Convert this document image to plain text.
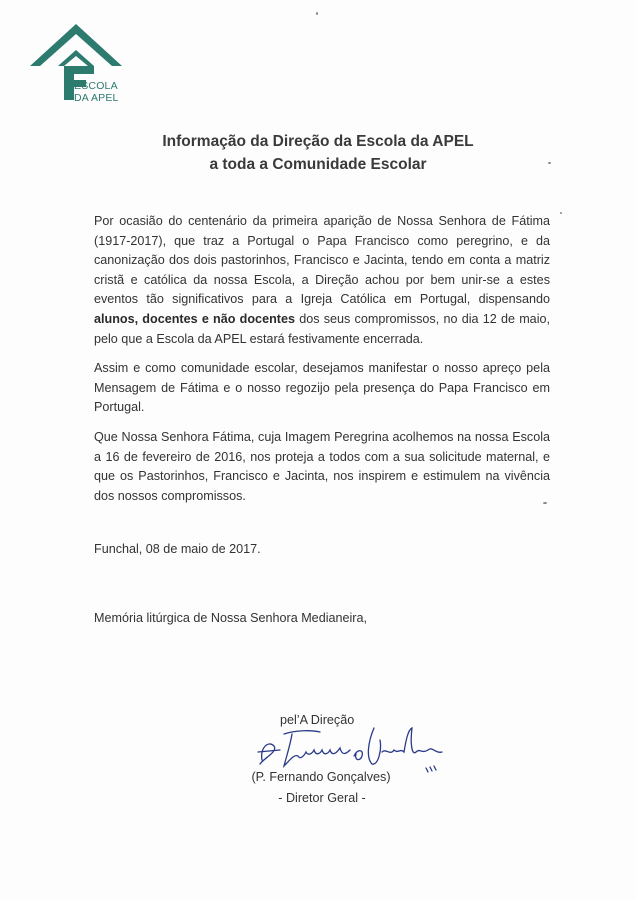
ESCOLA
DA APEL
Informação da Direção da Escola da APEL
a toda a Comunidade Escolar

Por ocasião do centenário da primeira aparição de Nossa Senhora de Fátima (1917-2017), que traz a Portugal o Papa Francisco como peregrino, e da canonização dos dois pastorinhos, Francisco e Jacinta, tendo em conta a matriz cristã e católica da nossa Escola, a Direção achou por bem unir-se a estes eventos tão significativos para a Igreja Católica em Portugal, dispensando alunos, docentes e não docentes dos seus compromissos, no dia 12 de maio, pelo que a Escola da APEL estará festivamente encerrada.

Assim e como comunidade escolar, desejamos manifestar o nosso apreço pela Mensagem de Fátima e o nosso regozijo pela presença do Papa Francisco em Portugal.

Que Nossa Senhora Fátima, cuja Imagem Peregrina acolhemos na nossa Escola a 16 de fevereiro de 2016, nos proteja a todos com a sua solicitude maternal, e que os Pastorinhos, Francisco e Jacinta, nos inspirem e estimulem na vivência dos nossos compromissos.

Funchal, 08 de maio de 2017.
Memória litúrgica de Nossa Senhora Medianeira,
pel’A Direção
(P. Fernando Gonçalves)
- Diretor Geral -
